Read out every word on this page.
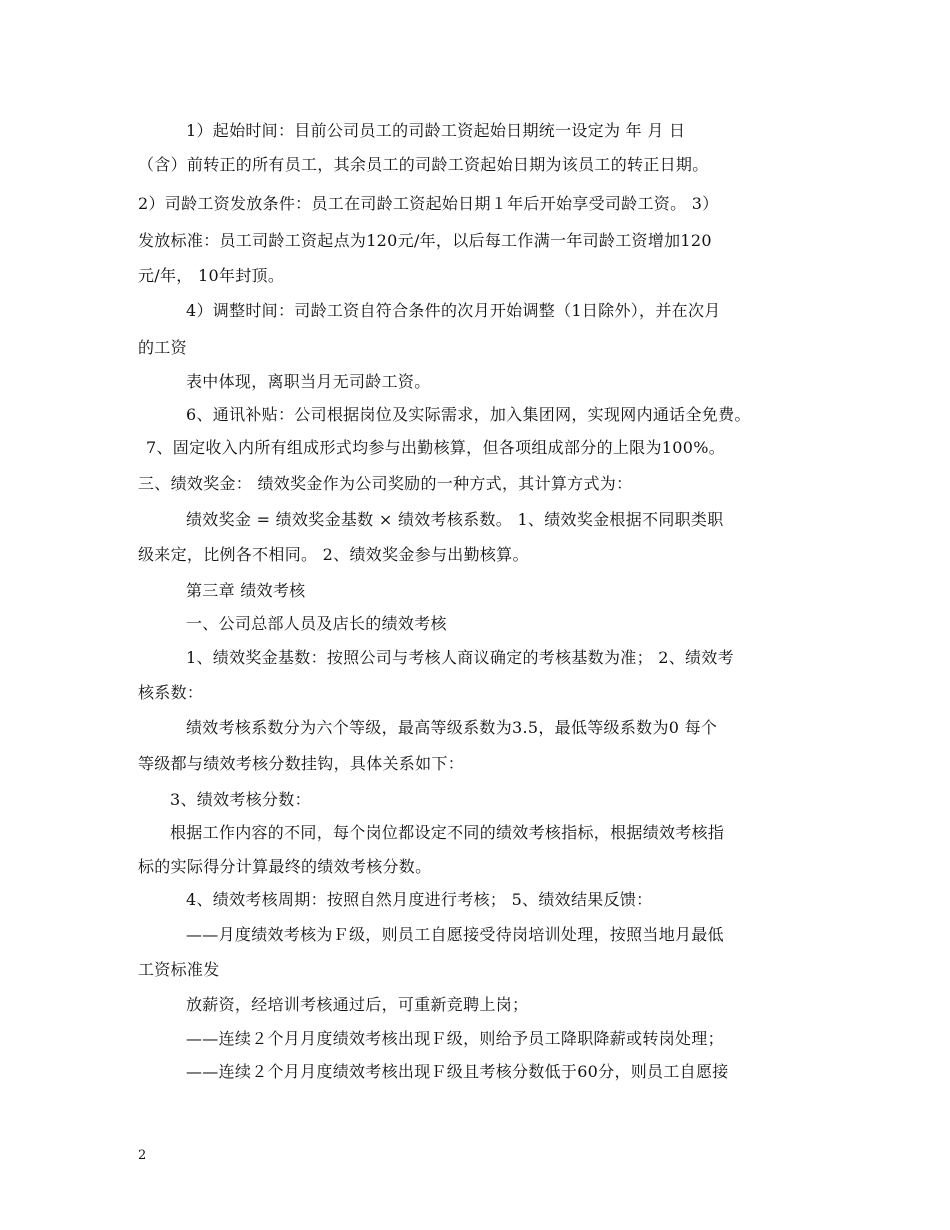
1）起始时间：目前公司员工的司龄工资起始日期统一设定为 年 月 日
（含）前转正的所有员工，其余员工的司龄工资起始日期为该员工的转正日期。
2）司龄工资发放条件：员工在司龄工资起始日期１年后开始享受司龄工资。 3）
发放标准：员工司龄工资起点为120元/年，以后每工作满一年司龄工资增加120
元/年， 10年封顶。
4）调整时间：司龄工资自符合条件的次月开始调整（1日除外），并在次月
的工资
表中体现，离职当月无司龄工资。
6、通讯补贴：公司根据岗位及实际需求，加入集团网，实现网内通话全免费。
7、固定收入内所有组成形式均参与出勤核算，但各项组成部分的上限为100%。
三、绩效奖金： 绩效奖金作为公司奖励的一种方式，其计算方式为：
绩效奖金 = 绩效奖金基数 × 绩效考核系数。 1、绩效奖金根据不同职类职
级来定，比例各不相同。 2、绩效奖金参与出勤核算。
第三章 绩效考核
一、公司总部人员及店长的绩效考核
1、绩效奖金基数：按照公司与考核人商议确定的考核基数为准； 2、绩效考
核系数：
绩效考核系数分为六个等级，最高等级系数为3.5，最低等级系数为0 每个
等级都与绩效考核分数挂钩，具体关系如下：
3、绩效考核分数：
根据工作内容的不同，每个岗位都设定不同的绩效考核指标，根据绩效考核指
标的实际得分计算最终的绩效考核分数。
4、绩效考核周期：按照自然月度进行考核； 5、绩效结果反馈：
——月度绩效考核为Ｆ级，则员工自愿接受待岗培训处理，按照当地月最低
工资标准发
放薪资，经培训考核通过后，可重新竞聘上岗；
——连续２个月月度绩效考核出现Ｆ级，则给予员工降职降薪或转岗处理；
——连续２个月月度绩效考核出现Ｆ级且考核分数低于60分，则员工自愿接
2
